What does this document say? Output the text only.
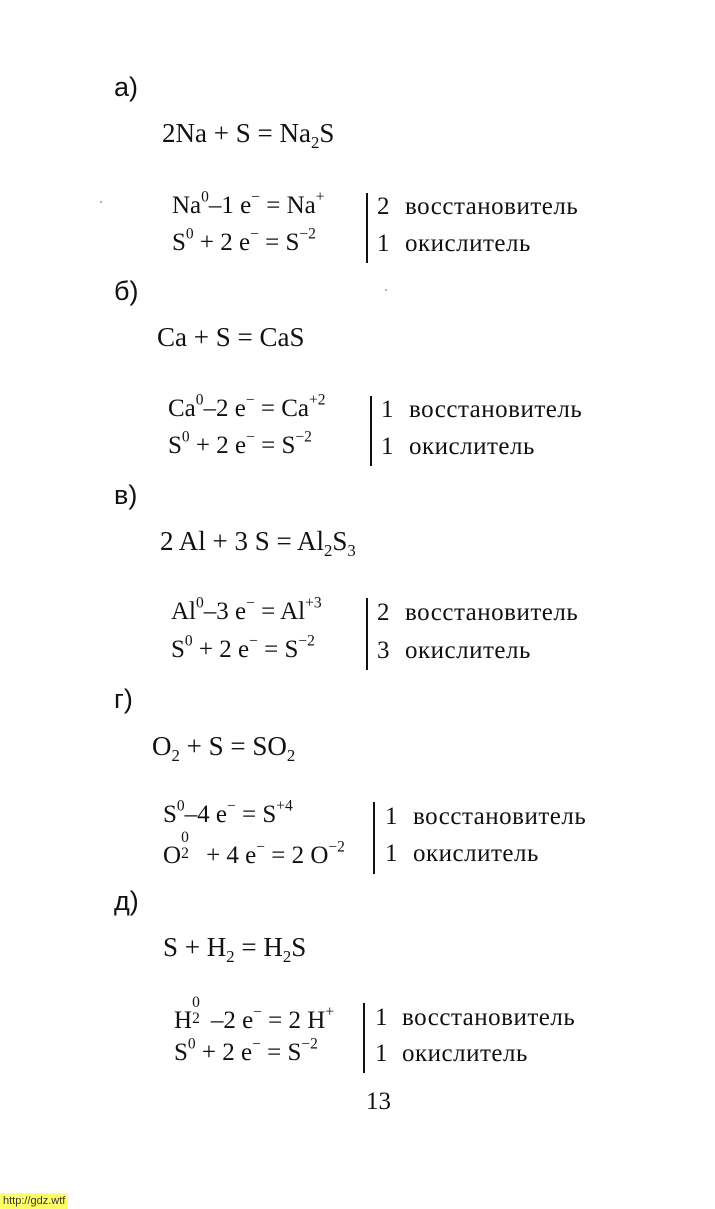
а)
$2Na + S = Na_2S$
Na$^0$–1 e− = Na+
$S^0 + 2$ $e^- = S^{-2}$
2 восстановитель
1 окислитель
б)
Ca + S = CaS
Ca$^0$–2 $e^- = Ca^{+2}$
$S^0 + 2$ $e^- = S^{-2}$
1 восстановитель
1 окислитель
в)
2 Al + 3 $S = Al_2S_3$
Al$^0$–3 $e^- = Al^{+3}$
$S^0 + 2$ $e^- = S^{-2}$
2 восстановитель
3 окислитель
г)
$O_2 + S = SO_2$
$S^0-4$ $e^- = S^{+4}$
O
0
2 + 4 e− = 2 $O^{-2}$
1 восстановитель
1 окислитель
д)
$S + H_2 = H_2S$
H
0
2 –2 e− = 2 H+
$S^0 + 2$ $e^- = S^{-2}$
1 восстановитель
1 окислитель
13
http://gdz.wtf
